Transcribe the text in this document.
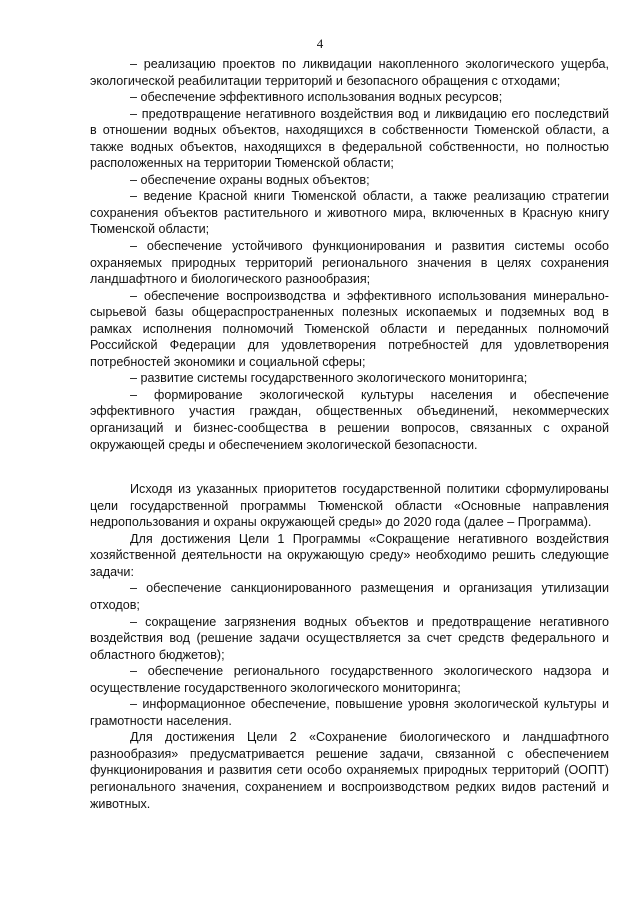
4

– реализацию проектов по ликвидации накопленного экологического ущерба, экологической реабилитации территорий и безопасного обращения с отходами;

– обеспечение эффективного использования водных ресурсов;

– предотвращение негативного воздействия вод и ликвидацию его последствий в отношении водных объектов, находящихся в собственности Тюменской области, а также водных объектов, находящихся в федеральной собственности, но полностью расположенных на территории Тюменской области;

– обеспечение охраны водных объектов;

– ведение Красной книги Тюменской области, а также реализацию стратегии сохранения объектов растительного и животного мира, включенных в Красную книгу Тюменской области;

– обеспечение устойчивого функционирования и развития системы особо охраняемых природных территорий регионального значения в целях сохранения ландшафтного и биологического разнообразия;

– обеспечение воспроизводства и эффективного использования минерально-сырьевой базы общераспространенных полезных ископаемых и подземных вод в рамках исполнения полномочий Тюменской области и переданных полномочий Российской Федерации для удовлетворения потребностей для удовлетворения потребностей экономики и социальной сферы;

– развитие системы государственного экологического мониторинга;

– формирование экологической культуры населения и обеспечение эффективного участия граждан, общественных объединений, некоммерческих организаций и бизнес-сообщества в решении вопросов, связанных с охраной окружающей среды и обеспечением экологической безопасности.

Исходя из указанных приоритетов государственной политики сформулированы цели государственной программы Тюменской области «Основные направления недропользования и охраны окружающей среды» до 2020 года (далее – Программа).

Для достижения Цели 1 Программы «Сокращение негативного воздействия хозяйственной деятельности на окружающую среду» необходимо решить следующие задачи:

– обеспечение санкционированного размещения и организация утилизации отходов;

– сокращение загрязнения водных объектов и предотвращение негативного воздействия вод (решение задачи осуществляется за счет средств федерального и областного бюджетов);

– обеспечение регионального государственного экологического надзора и осуществление государственного экологического мониторинга;

– информационное обеспечение, повышение уровня экологической культуры и грамотности населения.

Для достижения Цели 2 «Сохранение биологического и ландшафтного разнообразия» предусматривается решение задачи, связанной с обеспечением функционирования и развития сети особо охраняемых природных территорий (ООПТ) регионального значения, сохранением и воспроизводством редких видов растений и животных.
